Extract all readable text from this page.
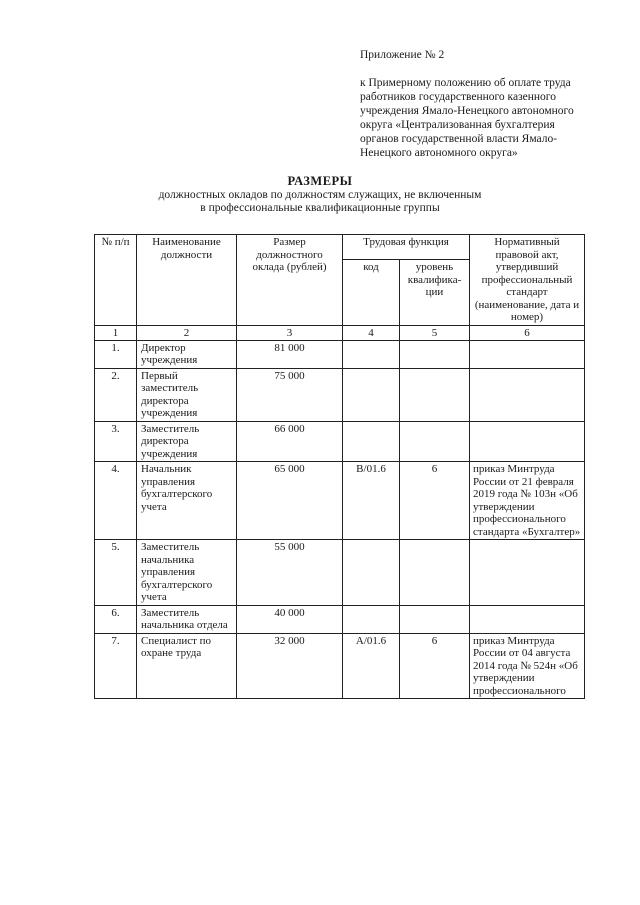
Приложение № 2
к Примерному положению об оплате труда
работников государственного казенного
учреждения Ямало-Ненецкого автономного
округа «Централизованная бухгалтерия
органов государственной власти Ямало-
Ненецкого автономного округа»
РАЗМЕРЫ
должностных окладов по должностям служащих, не включенным
в профессиональные квалификационные группы
№ п/п	Наименование должности	Размер должностного оклада (рублей)	Трудовая функция		Нормативный правовой акт, утвердивший профессиональный стандарт (наименование, дата и номер)
			код	уровень квалифика-ции	
1	2	3	4	5	6
1.	Директор учреждения	81 000			
2.	Первый заместитель директора учреждения	75 000			
3.	Заместитель директора учреждения	66 000			
4.	Начальник управления бухгалтерского учета	65 000	B/01.6	6	приказ Минтруда России от 21 февраля 2019 года № 103н «Об утверждении профессионального стандарта «Бухгалтер»
5.	Заместитель начальника управления бухгалтерского учета	55 000			
6.	Заместитель начальника отдела	40 000			
7.	Специалист по охране труда	32 000	A/01.6	6	приказ Минтруда России от 04 августа 2014 года № 524н «Об утверждении профессионального
